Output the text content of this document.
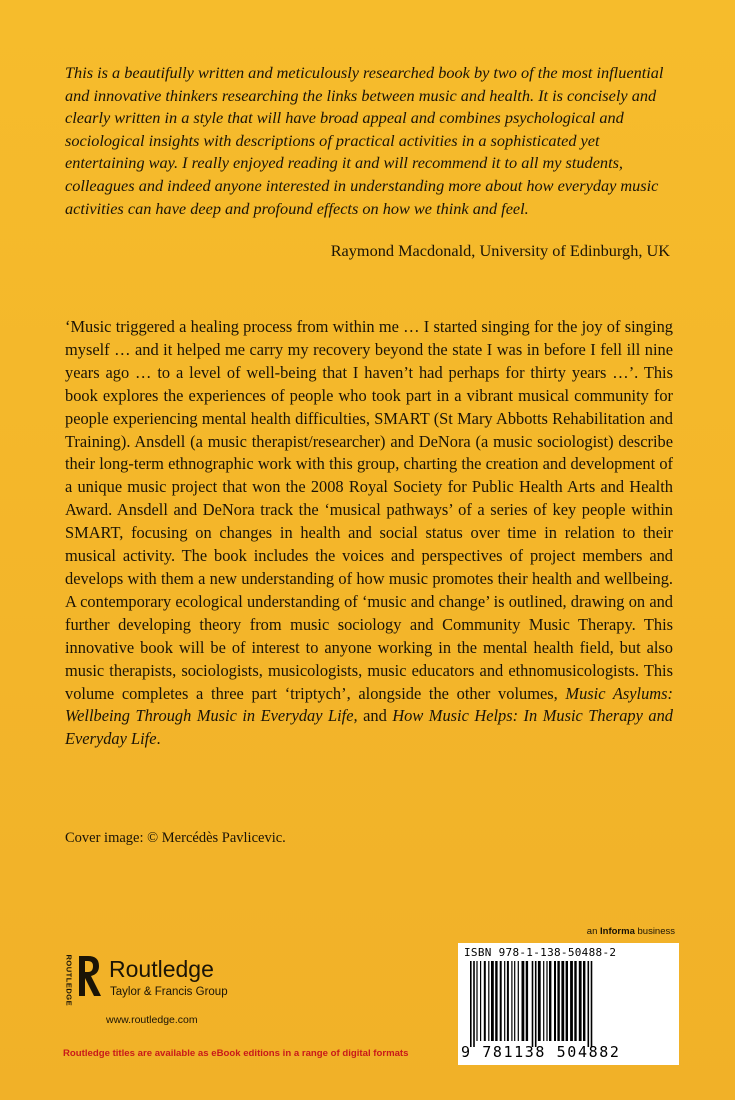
This is a beautifully written and meticulously researched book by two of the most influential and innovative thinkers researching the links between music and health. It is concisely and clearly written in a style that will have broad appeal and combines psychological and sociological insights with descriptions of practical activities in a sophisticated yet entertaining way. I really enjoyed reading it and will recommend it to all my students, colleagues and indeed anyone interested in understanding more about how everyday music activities can have deep and profound effects on how we think and feel.

Raymond Macdonald, University of Edinburgh, UK

‘Music triggered a healing process from within me … I started singing for the joy of singing myself … and it helped me carry my recovery beyond the state I was in before I fell ill nine years ago … to a level of well-being that I haven’t had perhaps for thirty years …’. This book explores the experiences of people who took part in a vibrant musical community for people experiencing mental health difficulties, SMART (St Mary Abbotts Rehabilitation and Training). Ansdell (a music therapist/researcher) and DeNora (a music sociologist) describe their long-term ethnographic work with this group, charting the creation and development of a unique music project that won the 2008 Royal Society for Public Health Arts and Health Award. Ansdell and DeNora track the ‘musical pathways’ of a series of key people within SMART, focusing on changes in health and social status over time in relation to their musical activity. The book includes the voices and perspectives of project members and develops with them a new understanding of how music promotes their health and wellbeing. A contemporary ecological understanding of ‘music and change’ is outlined, drawing on and further developing theory from music sociology and Community Music Therapy. This innovative book will be of interest to anyone working in the mental health field, but also music therapists, sociologists, musicologists, music educators and ethnomusicologists. This volume completes a three part ‘triptych’, alongside the other volumes, Music Asylums: Wellbeing Through Music in Everyday Life, and How Music Helps: In Music Therapy and Everyday Life.

Cover image: © Mercédès Pavlicevic.

an Informa business
ROUTLEDGE Routledge
Taylor & Francis Group
www.routledge.com
Routledge titles are available as eBook editions in a range of digital formats
ISBN 978-1-138-50488-2
9 781138 504882
